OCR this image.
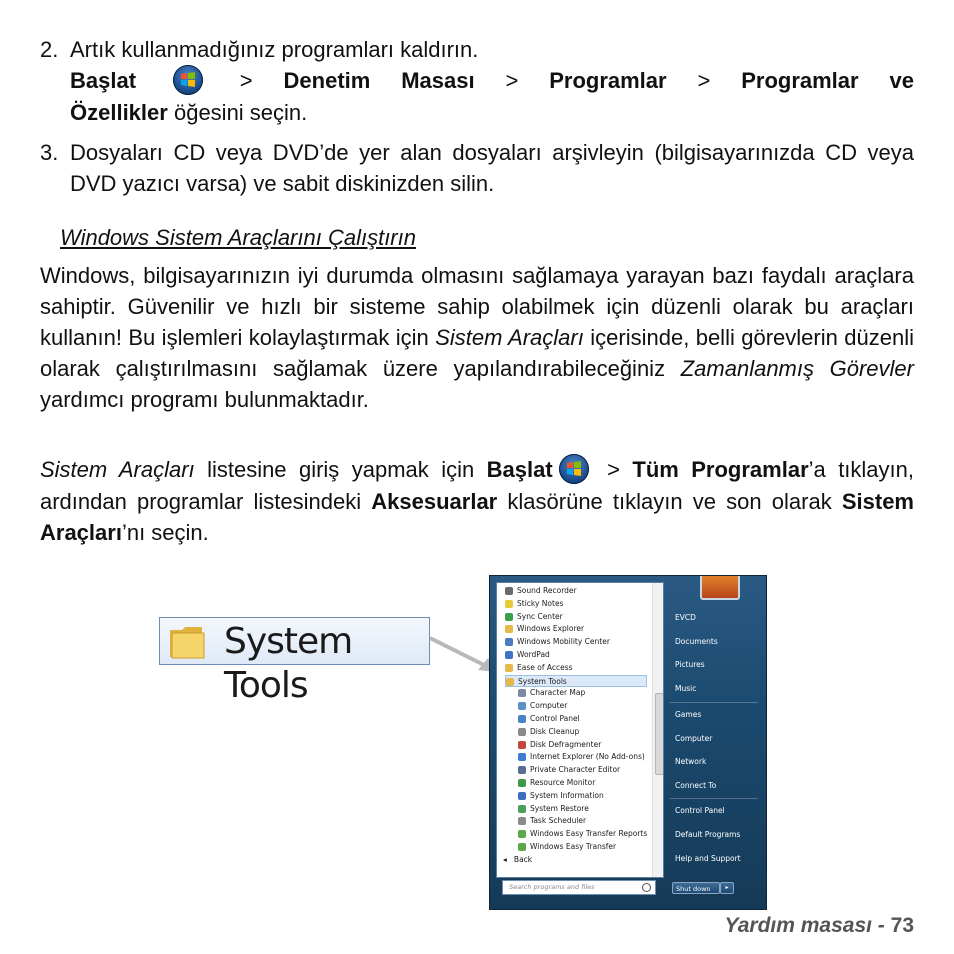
2. Artık kullanmadığınız programları kaldırın.
Başlat	> Denetim Masası > Programlar > Programlar ve
Özellikler öğesini seçin.
3. Dosyaları CD veya DVD’de yer alan dosyaları arşivleyin (bilgisayarınızda CD veya DVD yazıcı varsa) ve sabit diskinizden silin.
Windows Sistem Araçlarını Çalıştırın
Windows, bilgisayarınızın iyi durumda olmasını sağlamaya yarayan bazı faydalı araçlara sahiptir. Güvenilir ve hızlı bir sisteme sahip olabilmek için düzenli olarak bu araçları kullanın! Bu işlemleri kolaylaştırmak için Sistem Araçları içerisinde, belli görevlerin düzenli olarak çalıştırılmasını sağlamak üzere yapılandırabileceğiniz Zamanlanmış Görevler yardımcı programı bulunmaktadır.
Sistem Araçları listesine giriş yapmak için Başlat
> Tüm Programlar’a tıklayın, ardından programlar listesindeki Aksesuarlar klasörüne tıklayın ve son olarak Sistem Araçları’nı seçin.
System Tools
Sound Recorder
Sticky Notes
Sync Center
Windows Explorer
Windows Mobility Center
WordPad
Ease of Access
System Tools
Character Map
Computer
Control Panel
Disk Cleanup
Disk Defragmenter
Internet Explorer (No Add-ons)
Private Character Editor
Resource Monitor
System Information
System Restore
Task Scheduler
Windows Easy Transfer Reports
Windows Easy Transfer
◂   Back
Search programs and files
EVCD
Documents
Pictures
Music
Games
Computer
Network
Connect To
Control Panel
Default Programs
Help and Support
Shut down	▸
Yardım masası - 73
